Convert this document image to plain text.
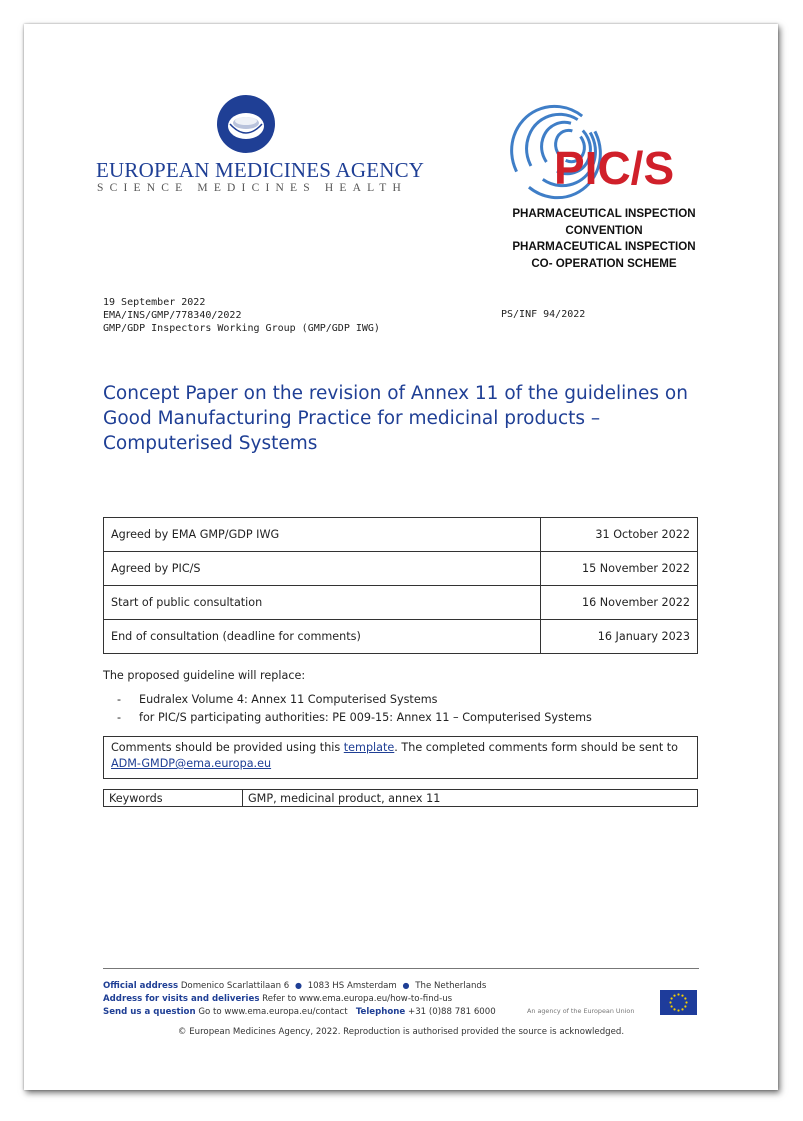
EUROPEAN MEDICINES AGENCY
SCIENCE MEDICINES HEALTH	PIC/S
PHARMACEUTICAL INSPECTION
CONVENTION
PHARMACEUTICAL INSPECTION
CO- OPERATION SCHEME
19 September 2022
EMA/INS/GMP/778340/2022
GMP/GDP Inspectors Working Group (GMP/GDP IWG)
PS/INF 94/2022
Concept Paper on the revision of Annex 11 of the guidelines on Good Manufacturing Practice for medicinal products – Computerised Systems
Agreed by EMA GMP/GDP IWG	31 October 2022
Agreed by PIC/S	15 November 2022
Start of public consultation	16 November 2022
End of consultation (deadline for comments)	16 January 2023
The proposed guideline will replace:
- Eudralex Volume 4: Annex 11 Computerised Systems
- for PIC/S participating authorities: PE 009-15: Annex 11 – Computerised Systems
Comments should be provided using this template. The completed comments form should be sent to
ADM-GMDP@ema.europa.eu
Keywords	GMP, medicinal product, annex 11
Official address Domenico Scarlattilaan 6 ● 1083 HS Amsterdam ● The Netherlands
Address for visits and deliveries Refer to www.ema.europa.eu/how-to-find-us
Send us a question Go to www.ema.europa.eu/contact Telephone +31 (0)88 781 6000	An agency of the European Union
© European Medicines Agency, 2022. Reproduction is authorised provided the source is acknowledged.
